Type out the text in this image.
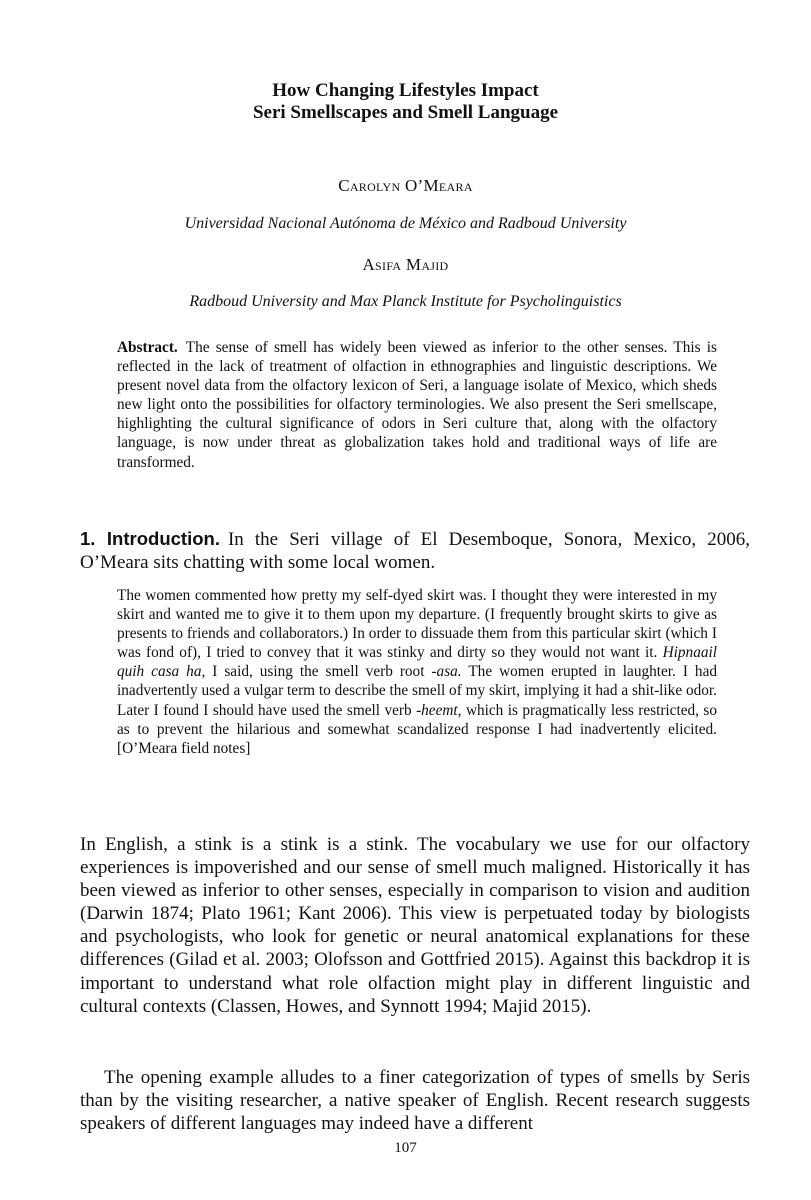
How Changing Lifestyles Impact
Seri Smellscapes and Smell Language
Carolyn O’Meara
Universidad Nacional Autónoma de México and Radboud University
Asifa Majid
Radboud University and Max Planck Institute for Psycholinguistics
Abstract. The sense of smell has widely been viewed as inferior to the other senses. This is reflected in the lack of treatment of olfaction in ethnographies and linguistic descriptions. We present novel data from the olfactory lexicon of Seri, a language isolate of Mexico, which sheds new light onto the possibilities for olfactory terminologies. We also present the Seri smellscape, highlighting the cultural significance of odors in Seri culture that, along with the olfactory language, is now under threat as globalization takes hold and traditional ways of life are transformed.
1. Introduction. In the Seri village of El Desemboque, Sonora, Mexico, 2006, O’Meara sits chatting with some local women.
The women commented how pretty my self-dyed skirt was. I thought they were interested in my skirt and wanted me to give it to them upon my departure. (I frequently brought skirts to give as presents to friends and collaborators.) In order to dissuade them from this particular skirt (which I was fond of), I tried to convey that it was stinky and dirty so they would not want it. Hipnaail quih casa ha, I said, using the smell verb root -asa. The women erupted in laughter. I had inadvertently used a vulgar term to describe the smell of my skirt, implying it had a shit-like odor. Later I found I should have used the smell verb -heemt, which is pragmatically less restricted, so as to prevent the hilarious and somewhat scandalized response I had inadvertently elicited. [O’Meara field notes]

In English, a stink is a stink is a stink. The vocabulary we use for our olfactory experiences is impoverished and our sense of smell much maligned. Historically it has been viewed as inferior to other senses, especially in comparison to vision and audition (Darwin 1874; Plato 1961; Kant 2006). This view is perpetuated today by biologists and psychologists, who look for genetic or neural anatomical explanations for these differences (Gilad et al. 2003; Olofsson and Gottfried 2015). Against this backdrop it is important to understand what role olfaction might play in different linguistic and cultural contexts (Classen, Howes, and Synnott 1994; Majid 2015).

The opening example alludes to a finer categorization of types of smells by Seris than by the visiting researcher, a native speaker of English. Recent research suggests speakers of different languages may indeed have a different

107
